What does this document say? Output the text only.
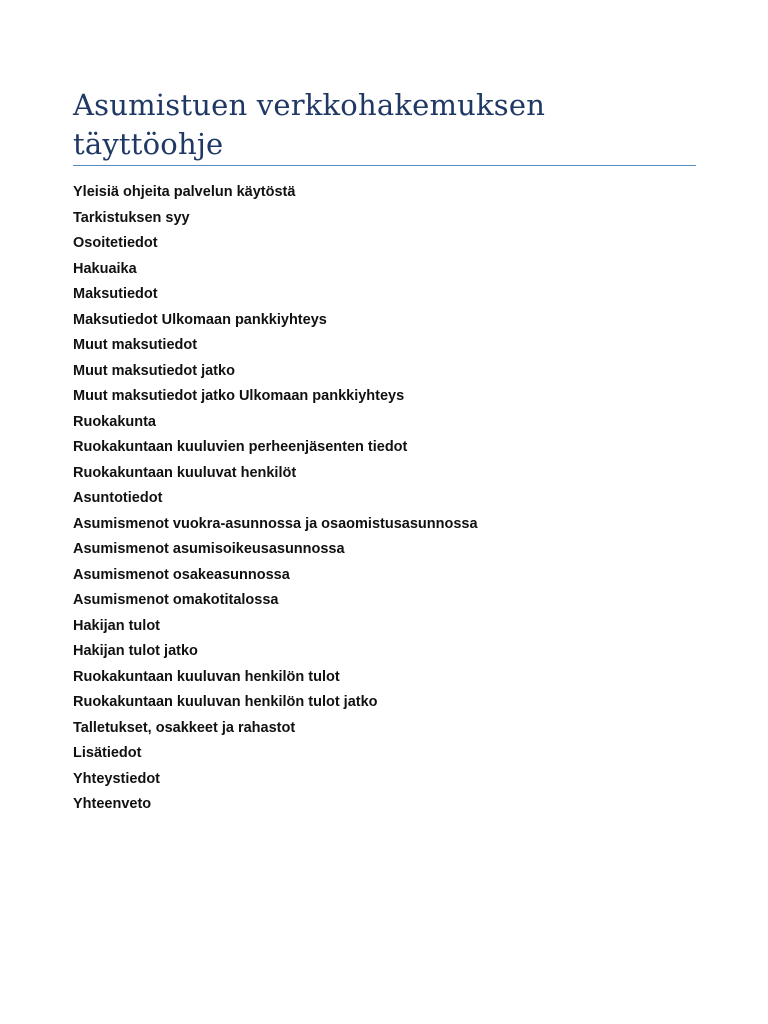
Asumistuen verkkohakemuksen
täyttöohje
Yleisiä ohjeita palvelun käytöstä
Tarkistuksen syy
Osoitetiedot
Hakuaika
Maksutiedot
Maksutiedot Ulkomaan pankkiyhteys
Muut maksutiedot
Muut maksutiedot jatko
Muut maksutiedot jatko Ulkomaan pankkiyhteys
Ruokakunta
Ruokakuntaan kuuluvien perheenjäsenten tiedot
Ruokakuntaan kuuluvat henkilöt
Asuntotiedot
Asumismenot vuokra-asunnossa ja osaomistusasunnossa
Asumismenot asumisoikeusasunnossa
Asumismenot osakeasunnossa
Asumismenot omakotitalossa
Hakijan tulot
Hakijan tulot jatko
Ruokakuntaan kuuluvan henkilön tulot
Ruokakuntaan kuuluvan henkilön tulot jatko
Talletukset, osakkeet ja rahastot
Lisätiedot
Yhteystiedot
Yhteenveto
